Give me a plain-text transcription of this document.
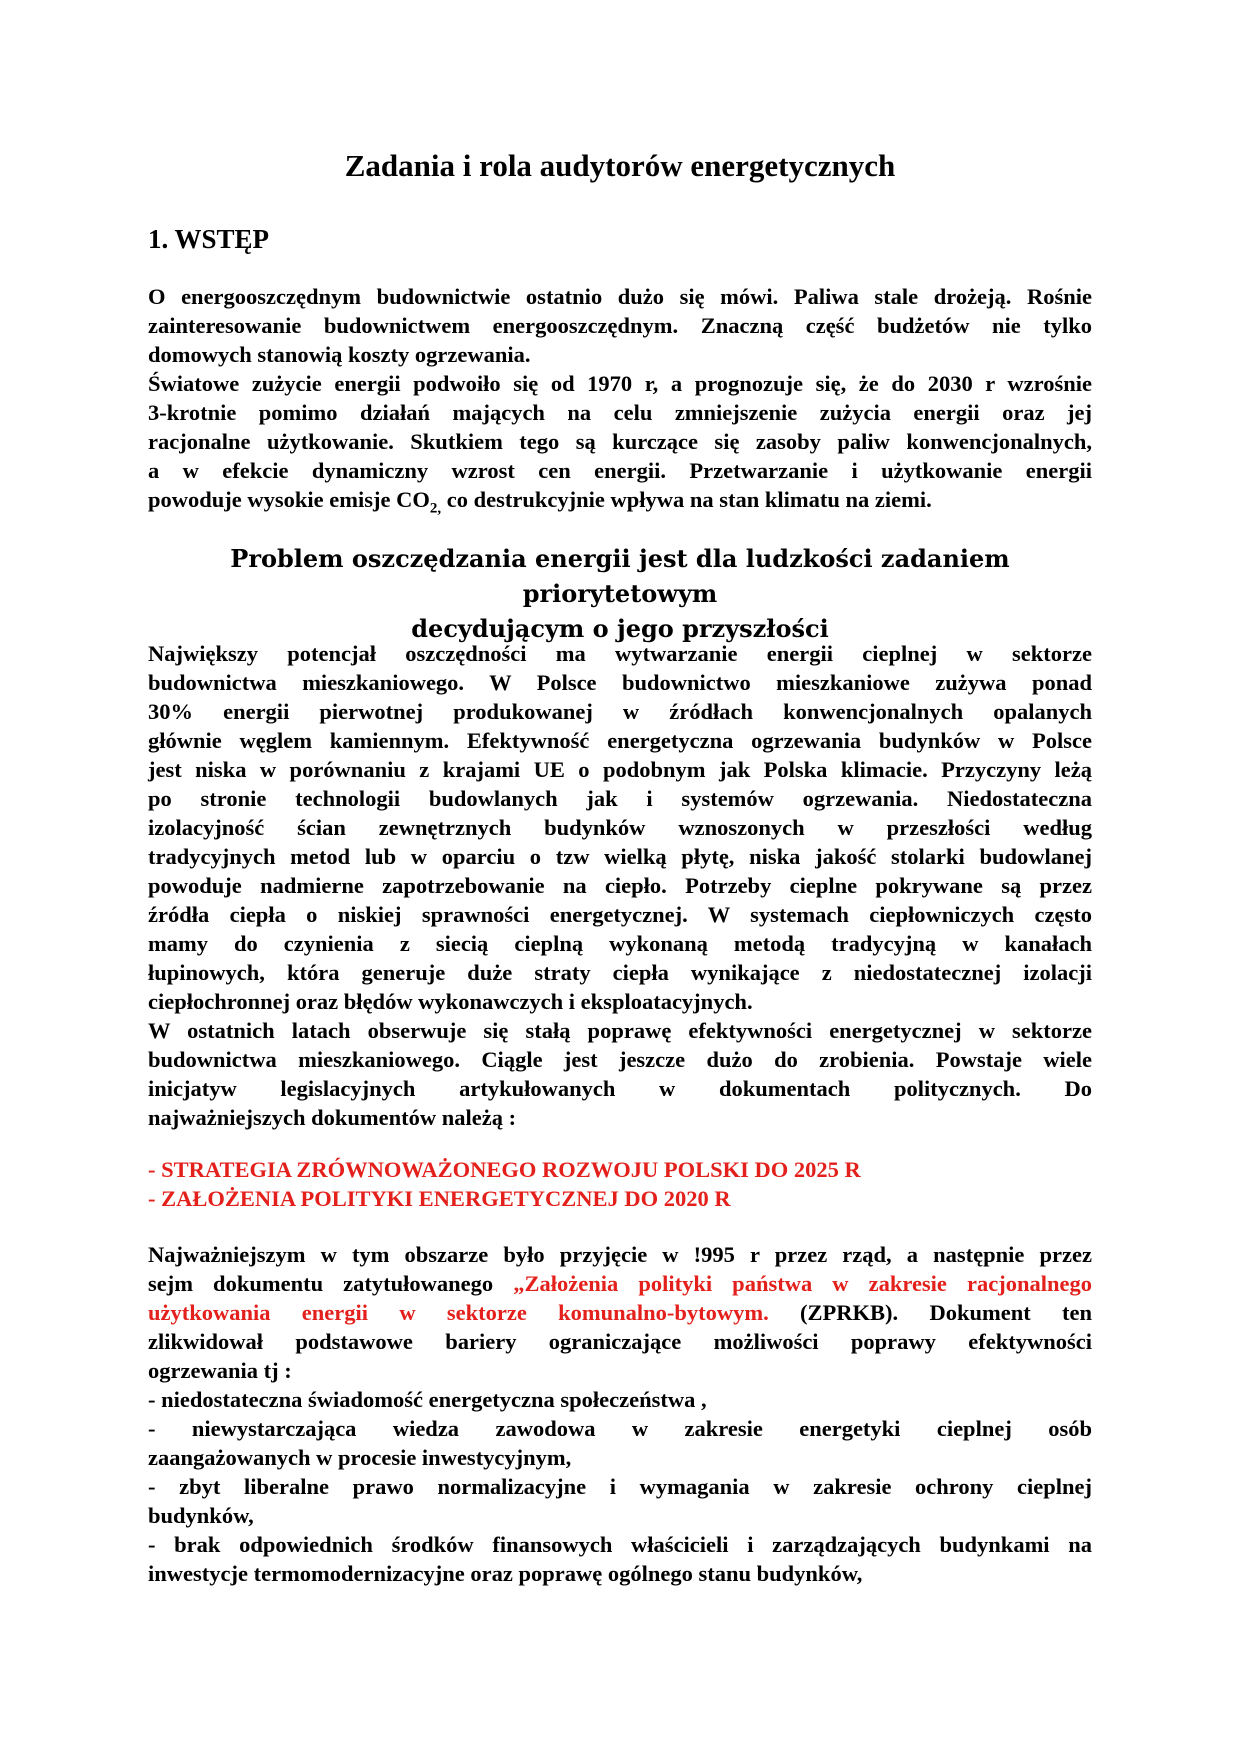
Zadania i rola audytorów energetycznych
1. WSTĘP
O energooszczędnym budownictwie ostatnio dużo się mówi. Paliwa stale drożeją. Rośnie
zainteresowanie budownictwem energooszczędnym. Znaczną część budżetów nie tylko
domowych stanowią koszty ogrzewania.
Światowe zużycie energii podwoiło się od 1970 r, a prognozuje się, że do 2030 r wzrośnie
3-krotnie pomimo działań mających na celu zmniejszenie zużycia energii oraz jej
racjonalne użytkowanie. Skutkiem tego są kurczące się zasoby paliw konwencjonalnych,
a w efekcie dynamiczny wzrost cen energii. Przetwarzanie i użytkowanie energii
powoduje wysokie emisje $CO_{2,}$ co destrukcyjnie wpływa na stan klimatu na ziemi.
Problem oszczędzania energii jest dla ludzkości zadaniem priorytetowym
decydującym o jego przyszłości
Największy potencjał oszczędności ma wytwarzanie energii cieplnej w sektorze
budownictwa mieszkaniowego. W Polsce budownictwo mieszkaniowe zużywa ponad
30% energii pierwotnej produkowanej w źródłach konwencjonalnych opalanych
głównie węglem kamiennym. Efektywność energetyczna ogrzewania budynków w Polsce
jest niska w porównaniu z krajami UE o podobnym jak Polska klimacie. Przyczyny leżą
po stronie technologii budowlanych jak i systemów ogrzewania. Niedostateczna
izolacyjność ścian zewnętrznych budynków wznoszonych w przeszłości według
tradycyjnych metod lub w oparciu o tzw wielką płytę, niska jakość stolarki budowlanej
powoduje nadmierne zapotrzebowanie na ciepło. Potrzeby cieplne pokrywane są przez
źródła ciepła o niskiej sprawności energetycznej. W systemach ciepłowniczych często
mamy do czynienia z siecią cieplną wykonaną metodą tradycyjną w kanałach
łupinowych, która generuje duże straty ciepła wynikające z niedostatecznej izolacji
ciepłochronnej oraz błędów wykonawczych i eksploatacyjnych.
W ostatnich latach obserwuje się stałą poprawę efektywności energetycznej w sektorze
budownictwa mieszkaniowego. Ciągle jest jeszcze dużo do zrobienia. Powstaje wiele
inicjatyw legislacyjnych artykułowanych w dokumentach politycznych. Do
najważniejszych dokumentów należą :
- STRATEGIA ZRÓWNOWAŻONEGO ROZWOJU POLSKI DO 2025 R
- ZAŁOŻENIA POLITYKI ENERGETYCZNEJ DO 2020 R
Najważniejszym w tym obszarze było przyjęcie w !995 r przez rząd, a następnie przez
sejm dokumentu zatytułowanego „Założenia polityki państwa w zakresie racjonalnego
użytkowania energii w sektorze komunalno-bytowym. (ZPRKB). Dokument ten
zlikwidował podstawowe bariery ograniczające możliwości poprawy efektywności
ogrzewania tj :
- niedostateczna świadomość energetyczna społeczeństwa ,
- niewystarczająca wiedza zawodowa w zakresie energetyki cieplnej osób
zaangażowanych w procesie inwestycyjnym,
- zbyt liberalne prawo normalizacyjne i wymagania w zakresie ochrony cieplnej
budynków,
- brak odpowiednich środków finansowych właścicieli i zarządzających budynkami na
inwestycje termomodernizacyjne oraz poprawę ogólnego stanu budynków,
